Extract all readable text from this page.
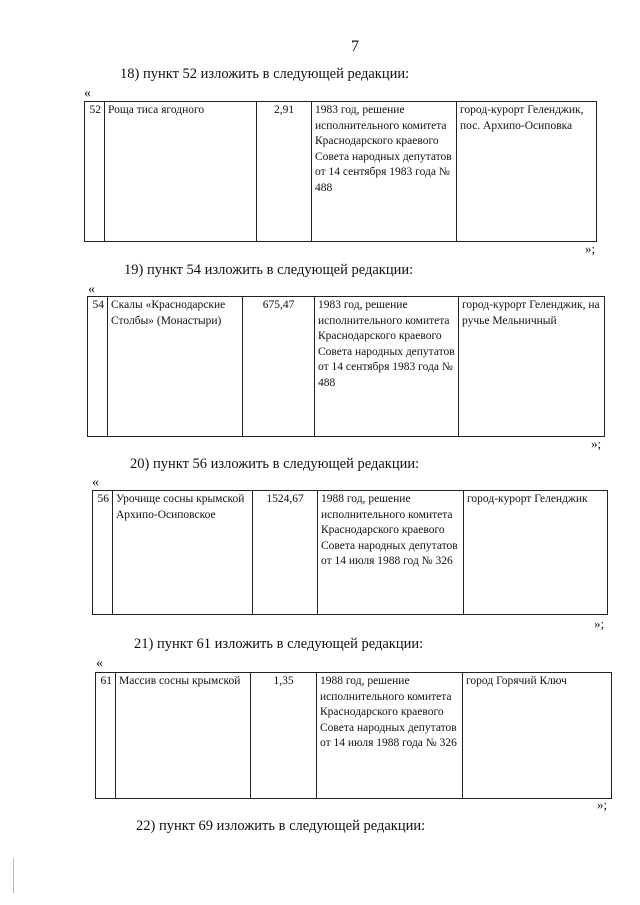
7
18) пункт 52 изложить в следующей редакции:
«
52	Роща тиса ягодного	2,91	1983 год, решение исполнительного комитета Краснодарского краевого Совета народных депутатов от 14 сентября 1983 года № 488	город-курорт Геленджик, пос. Архипо-Осиповка
»;
19) пункт 54 изложить в следующей редакции:
«
54	Скалы «Краснодарские Столбы» (Монастыри)	675,47	1983 год, решение исполнительного комитета Краснодарского краевого Совета народных депутатов от 14 сентября 1983 года № 488	город-курорт Геленджик, на ручье Мельничный
»;
20) пункт 56 изложить в следующей редакции:
«
56	Урочище сосны крымской Архипо-Осиповское	1524,67	1988 год, решение исполнительного комитета Краснодарского краевого Совета народных депутатов от 14 июля 1988 год № 326	город-курорт Геленджик
»;
21) пункт 61 изложить в следующей редакции:
«
61	Массив сосны крымской	1,35	1988 год, решение исполнительного комитета Краснодарского краевого Совета народных депутатов от 14 июля 1988 года № 326	город Горячий Ключ
»;
22) пункт 69 изложить в следующей редакции:
